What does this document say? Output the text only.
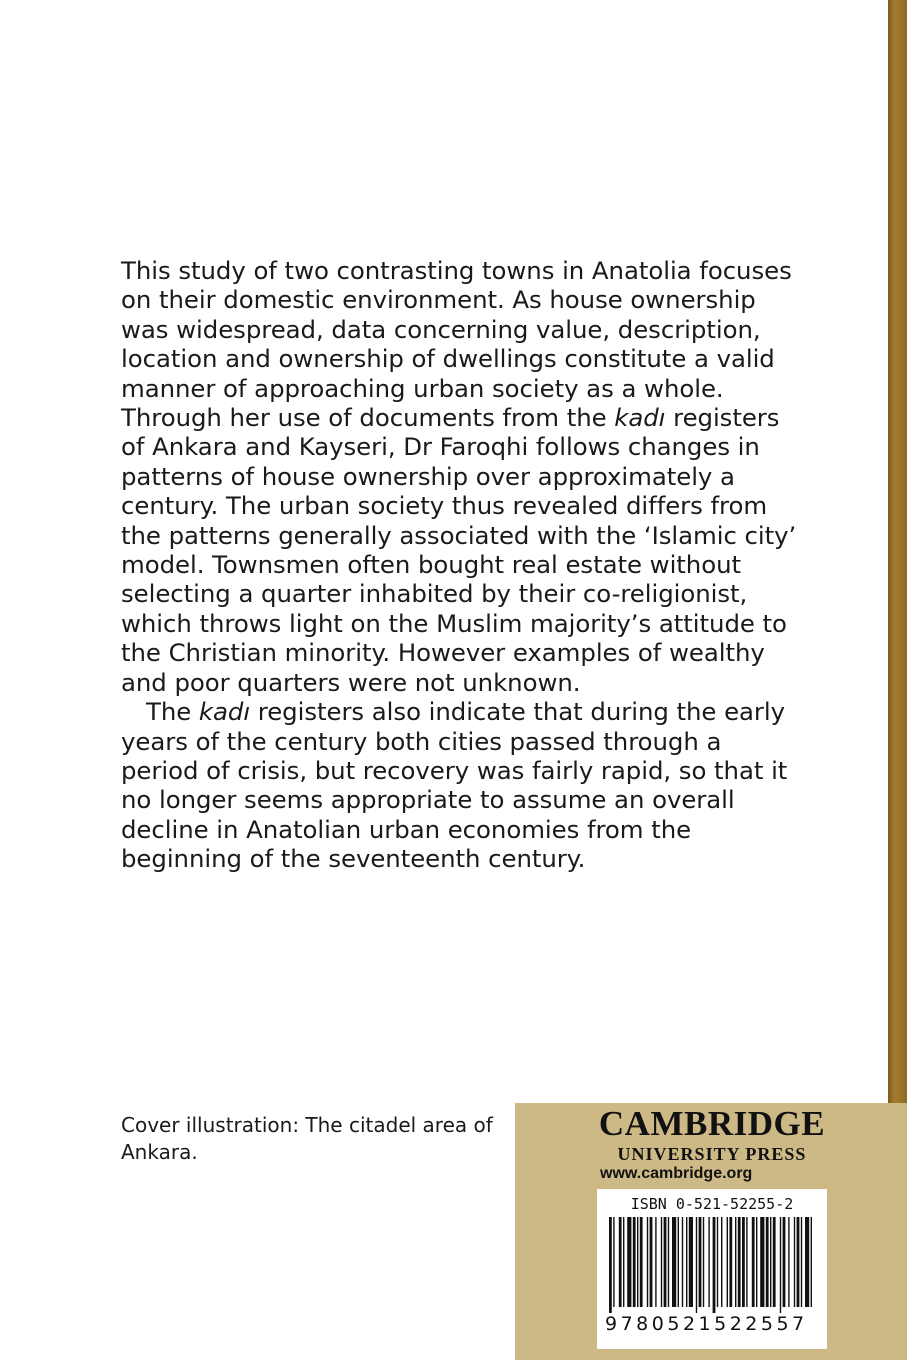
This study of two contrasting towns in Anatolia focuses
on their domestic environment. As house ownership
was widespread, data concerning value, description,
location and ownership of dwellings constitute a valid
manner of approaching urban society as a whole.
Through her use of documents from the kadı registers
of Ankara and Kayseri, Dr Faroqhi follows changes in
patterns of house ownership over approximately a
century. The urban society thus revealed differs from
the patterns generally associated with the ‘Islamic city’
model. Townsmen often bought real estate without
selecting a quarter inhabited by their co-religionist,
which throws light on the Muslim majority’s attitude to
the Christian minority. However examples of wealthy
and poor quarters were not unknown.

The kadı registers also indicate that during the early
years of the century both cities passed through a
period of crisis, but recovery was fairly rapid, so that it
no longer seems appropriate to assume an overall
decline in Anatolian urban economies from the
beginning of the seventeenth century.

Cover illustration: The citadel area of
Ankara.
CAMBRIDGE
UNIVERSITY PRESS
www.cambridge.org
ISBN 0-521-52255-2
9780521522557
